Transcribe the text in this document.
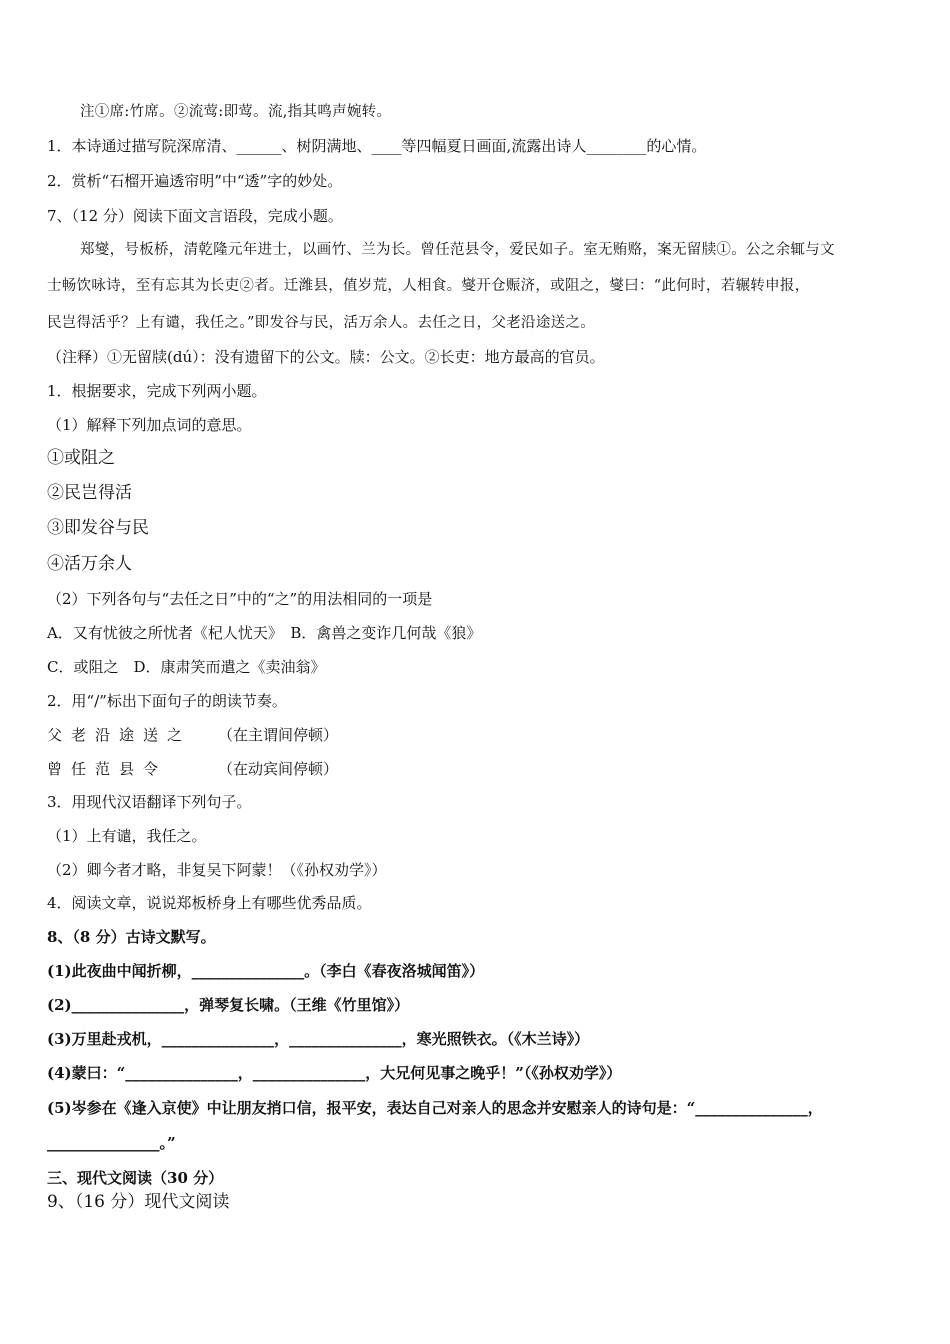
注①席:竹席。②流莺:即莺。流,指其鸣声婉转。
1．本诗通过描写院深席清、______、树阴满地、____等四幅夏日画面,流露出诗人________的心情。
2．赏析“石榴开遍透帘明”中“透”字的妙处。
7、（12 分）阅读下面文言语段，完成小题。
郑燮，号板桥，清乾隆元年进士，以画竹、兰为长。曾任范县令，爱民如子。室无贿赂，案无留牍①。公之余辄与文
士畅饮咏诗，至有忘其为长吏②者。迁潍县，值岁荒，人相食。燮开仓赈济，或阻之，燮曰：“此何时，若辗转申报，
民岂得活乎？上有谴，我任之。”即发谷与民，活万余人。去任之日，父老沿途送之。
（注释）①无留牍(dú）：没有遗留下的公文。牍：公文。②长吏：地方最高的官员。
1．根据要求，完成下列两小题。
（1）解释下列加点词的意思。
①或阻之
②民岂得活
③即发谷与民
④活万余人
（2）下列各句与“去任之日”中的“之”的用法相同的一项是
A．又有忧彼之所忧者《杞人忧天》　B．禽兽之变诈几何哉《狼》
C．或阻之　D．康肃笑而遣之《卖油翁》
2．用“/”标出下面句子的朗读节奏。
父老沿途送之 （在主谓间停顿）
曾任范县令	（在动宾间停顿）
3．用现代汉语翻译下列句子。
（1）上有谴，我任之。
（2）卿今者才略，非复吴下阿蒙！（《孙权劝学》）
4．阅读文章，说说郑板桥身上有哪些优秀品质。
8、（8 分）古诗文默写。
(1)此夜曲中闻折柳，_______________。（李白《春夜洛城闻笛》）
(2)_______________，弹琴复长啸。（王维《竹里馆》）
(3)万里赴戎机，_______________，_______________，寒光照铁衣。（《木兰诗》）
(4)蒙曰：“_______________，_______________，大兄何见事之晚乎！”（《孙权劝学》）
(5)岑参在《逢入京使》中让朋友捎口信，报平安，表达自己对亲人的思念并安慰亲人的诗句是：“_______________，
_______________。”
三、现代文阅读（30 分）
9、（16 分）现代文阅读
